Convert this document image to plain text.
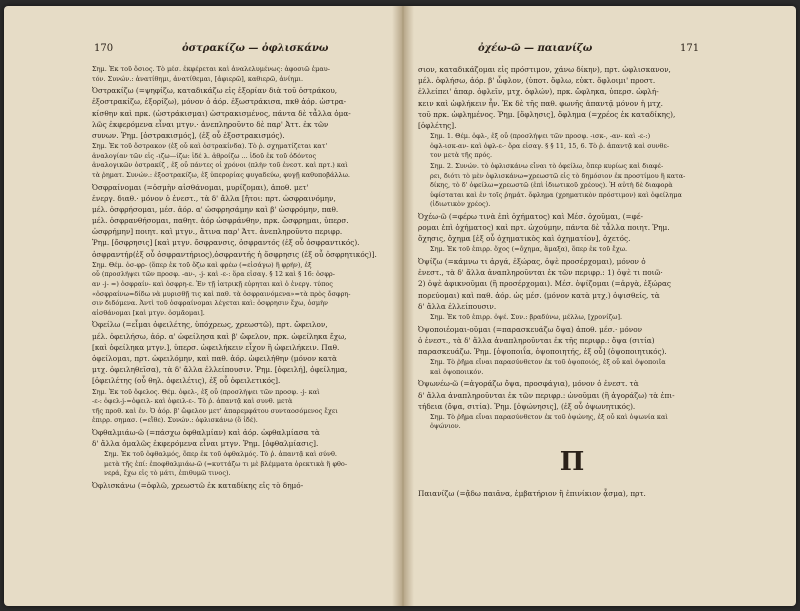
170	ὀστρακίζω — ὀφλισκάνω
Σημ. Ἐκ τοῦ ὅσιος. Τὸ μέσ. ἐκφέρεται καὶ ἀναλελυμένως: ἀφοσιῶ ἐμαυ-
τόν. Συνών.: ἀνατίθημι, ἀνατίθεμαι, [ἀφιερῶ], καθιερῶ, ἀνίημι.
Ὀστρακίζω (=ψηφίζω, καταδικάζω εἰς ἐξορίαν διὰ τοῦ ὀστράκου,
ἐξοστρακίζω, ἐξορίζω), μόνον ὁ ἀόρ. ἐξωστράκισα, πκθ ἀόρ. ὠστρα-
κίσθην καὶ πρκ. (ὠστράκισμαι) ὠστρακισμένος, πάντα δὲ τἆλλα ὁμα-
λῶς ἐκφερόμενα εἶναι μτγν.· ἀνεπληροῦντο δὲ παρ' Ἀττ. ἐκ τῶν
συνων. Ῥημ. [ὀστρακισμός], (ἐξ οὗ ἐξοστρακισμός).
Σημ. Ἐκ τοῦ ὄστρακον (ἐξ οὗ καὶ ὀστρακίνδα). Τὸ ῥ. σχηματίζεται κατ'
ἀναλογίαν τῶν εἰς -ιζω—ίζω: ἰδέ λ. ἀθροίζω ... ἰδοῦ ἐκ τοῦ ὀδόντος
ἀναλογικῶν ὀστρακίζ , ἐξ οὗ πάντες οἱ χρόνοι (πλὴν τοῦ ἐνεστ. καὶ πρτ.) καὶ
τὰ ῥηματ. Συνών.: ἐξοστρακίζω, ἐξ ὑπερορίας φυγαδεύω, φυγῇ καθυποβάλλω.
Ὀσφραίνομαι (=ὀσμὴν αἰσθάνομαι, μυρίζομαι), ἀποθ. μετ'
ἐνεργ. διαθ.· μόνον ὁ ἐνεστ., τὰ δ' ἄλλα [ἤτοι: πρτ. ὠσφραινόμην,
μέλ. ὀσφρήσομαι, μέσ. ἀόρ. α' ὠσφρησάμην καὶ β' ὠσφρόμην, παθ.
μέλ. ὀσφρανθήσομαι, παθητ. ἀόρ ὠσφράνθην, πρκ. ὤσφρημαι, ὑπερσ.
ὠσφρήμην] ποιητ. καὶ μτγν., ἅτινα παρ' Ἀττ. ἀνεπληροῦντο περιφρ.
Ῥημ. [ὄσφρησις] [καὶ μτγν. ὄσφρανσις, ὀσφραντός (ἐξ οὗ ὀσφραντικός).
ὀσφραντήρ(ἐξ οὗ ὀσφραντήριος),ὀσφραντής ἡ ὄσφρησις (ἐξ οὗ ὀσφρητικός)].
Σημ. Θέμ. ὀσ-φρ- (ὅπερ ἐκ τοῦ ὄζω καὶ φρέω (=εἰσάγω) ἢ φρήν), ἐξ
οὗ (προσλήψει τῶν προσφ. -αν-, -j- καὶ -ε-: ὅρα εἰσαγ. § 12 καὶ § 16: ὀσφρ-
αν -j- =) ὀσφραίν- καὶ ὀσφρη-ε. Ἐν τῇ ἰατρικῇ εὑρηται καὶ ὁ ἐνεργ. τύπος
«ὀσφραίνω=δίδω νὰ μυρισθῇ τις καὶ παθ. τὰ ὀσφραινόμενα»=τὰ πρὸς ὄσφρη-
σιν διδόμενα. Ἀντὶ τοῦ ὀσφραίνομαι λέγεται καὶ: ὀσφρησιν ἔχω, ὀσμὴν
αἰσθάνομαι [καὶ μτγν. ὀσμᾶομαι].
Ὀφείλω (=εἶμαι ὀφειλέτης, ὑπόχρεως, χρεωστῶ), πρτ. ὤφειλον,
μέλ. ὀφειλήσω, ἀόρ. α' ὠφείλησα καὶ β' ὤφελον, πρκ. ὠφείληκα ἔχω,
[καὶ ὀφείληκα μτγν.], ὑπερσ. ὠφειλήκειν εἶχον ἢ ὠφειλήκειν. Παθ.
ὀφείλομαι, πρτ. ὠφειλόμην, καὶ παθ. ἀόρ. ὠφειλήθην (μόνον κατὰ
μτχ. ὀφειληθεῖσα), τὰ δ' ἄλλα ἐλλείπουσιν. Ῥημ. [ὀφειλή], ὀφείλημα,
[ὀφειλέτης (οὗ θηλ. ὀφειλέτις), ἐξ οὗ ὀφειλετικός].
Σημ. Ἐκ τοῦ ὄφελος. Θέμ. ὀφελ-, ἐξ οὗ (προσλήψει τῶν προσφ. -j- καὶ
-ε-: ὀφελ-j-=ὀφειλ- καὶ ὀφειλ-ε-. Τὸ ῥ. ἀπαντᾷ καὶ συνθ. μετὰ
τῆς προθ. καὶ ἐν. Ὁ ἀόρ. β' ὤφελον μετ' ἀπαρεμφάτου συνταοσόμενος ἔχει
ἐπιρρ. σημασ. (=εἴθε). Συνών.: ὀφλισκάνω (ὃ ἰδέ).
Ὀφθαλμιάω-ῶ (=πάσχω ὀφθαλμίαν) καὶ ἀόρ. ὠφθαλμίασα τὰ
δ' ἄλλα ὁμαλῶς ἐκφερόμενα εἶναι μτγν. Ῥημ. [ὀφθαλμίασις].
Σημ. Ἐκ τοῦ ὀφθαλμός, ὅπερ ἐκ τοῦ ὀφθαλμός. Τὸ ῥ. ἀπαντᾷ καὶ σύνθ.
μετὰ τῆς ἐπί: ἐποφθαλμιάω-ῶ (=κυττάζω τι μὲ βλέμματα ὀρεκτικὰ ἢ φθο-
νερά, ἔχω εἰς τὸ μάτι, ἐπιθυμῶ τινος).
Ὀφλισκάνω (=ὀφλῶ, χρεωστῶ ἐκ καταδίκης εἰς τὸ δημό-
ὀχέω-ῶ — παιανίζω	171
σιον, καταδικάζομαι εἰς πρόστιμον, χάνω δίκην), πρτ. ὠφλισκανον,
μέλ. ὀφλήσω, ἀόρ. β' ὦφλον, (ὑποτ. ὄφλω, εὐκτ. ὄφλοιμι' προστ.
ἐλλείπει' ἀπαρ. ὀφλεῖν, μτχ. ὀφλών), πρκ. ὤφληκα, ὑπερσ. ὠφλή-
κειν καὶ ὠφλήκειν ἦν. Ἐκ δὲ τῆς παθ. φωνῆς ἀπαντᾷ μόνον ἡ μτχ.
τοῦ πρκ. ὠφλημένος. Ῥημ. [ὄφλησις], ὄφλημα (=χρέος ἐκ καταδίκης),
[ὀφλέτης].
Σημ. 1. Θέμ. ὀφλ-, ἐξ οὗ (προσλήψει τῶν προσφ. -ισκ-, -αν- καὶ -ε-:)
ὀφλ-ισκ-αν- καὶ ὀφλ-ε-· ὅρα εἰσαγ. § § 11, 15, 6. Τὸ ῥ. ἀπαντᾷ καὶ συνθε-
τον μετὰ τῆς πρός.
Σημ. 2. Συνών. τὸ ὀφλισκάνω εἶναι τὸ ὀφείλω, ὅπερ κυρίως καὶ διαφέ-
ρει, διότι τὸ μὲν ὀφλισκάνω=χρεωστῶ εἰς τὸ δημόσιον ἐκ προστίμου ἢ κατα-
δίκης, τὸ δ' ὀφείλω=χρεωστῶ (ἐπὶ ἰδιωτικοῦ χρέους). Ἡ αὐτὴ δὲ διαφορὰ
ὑφίσταται καὶ ἐν τοῖς ῥημάτ. ὄφλημα (χρηματικὸν πρόστιμον) καὶ ὀφείλημα
(ἰδιωτικὸν χρέος).
Ὀχέω-ῶ (=φέρω τινὰ ἐπὶ ὀχήματος) καὶ Μέσ. ὀχοῦμαι, (=φέ-
ρομαι ἐπὶ ὀχήματος) καὶ πρτ. ὠχούμην, πάντα δὲ τἆλλα ποιητ. Ῥημ.
ὄχησις, ὄχημα [ἐξ οὗ ὀχηματικὸς καὶ ὀχηματίον], ὀχετός.
Σημ. Ἐκ τοῦ ἐπιρρ. ὄχος (=ὄχημα, ἅμαξα), ὅπερ ἐκ τοῦ ἔχω.
Ὀψίζω (=κάμνω τι ἀργά, ἐξώρας, ὀψὲ προσέρχομαι), μόνον ὁ
ἐνεστ., τὰ δ' ἄλλα ἀναπληροῦνται ἐκ τῶν περιφρ.: 1) ὀψὲ τι ποιῶ·
2) ὀψὲ ἀφικνοῦμαι (ἢ προσέρχομαι). Μέσ. ὀψίζομαι (=ἀργὰ, ἐξώρας
πορεύομαι) καὶ παθ. ἀόρ. ὡς μέσ. (μόνον κατὰ μτχ.) ὀψισθείς, τὰ
δ' ἄλλα ἐλλείπουσιν.
Σημ. Ἐκ τοῦ ἐπιρρ. ὀψέ. Συν.: βραδύνω, μέλλω, [χρονίζω].
Ὀψοποιέομαι-οῦμαι (=παρασκευάζω ὄψα) ἀποθ. μέσ.· μόνον
ὁ ἐνεστ., τὰ δ' ἄλλα ἀναπληροῦνται ἐκ τῆς περιφρ.: ὄψα (σιτία)
παρασκευάζω. Ῥημ. [ὀψοποιΐα, ὀψοποιητής, ἐξ οὗ] (ὀψοποιητικός).
Σημ. Τὸ ῥῆμα εἶναι παρασύνθετον ἐκ τοῦ ὀψοποιός, ἐξ οὗ καὶ ὀψοποιΐα
καὶ ὀψοποιικόν.
Ὀψωνέω-ῶ (=ἀγοράζω ὄψα, προσφάγια), μόνον ὁ ἐνεστ. τὰ
δ' ἄλλα ἀναπληροῦνται ἐκ τῶν περιφρ.: ὠνοῦμαι (ἢ ἀγοράζω) τὰ ἐπι-
τήδεια (ὄψα, σιτία). Ῥημ. [ὀψώνησις], (ἐξ οὗ ὀψωνητικός).
Σημ. Τὸ ῥῆμα εἶναι παρασύνθετον ἐκ τοῦ ὀψώνης, ἐξ οὗ καὶ ὀψωνία καὶ
ὀψώνιον.
Π
Παιανίζω (=ᾄδω παιᾶνα, ἐμβατήριον ἢ ἐπινίκιον ᾆσμα), πρτ.
